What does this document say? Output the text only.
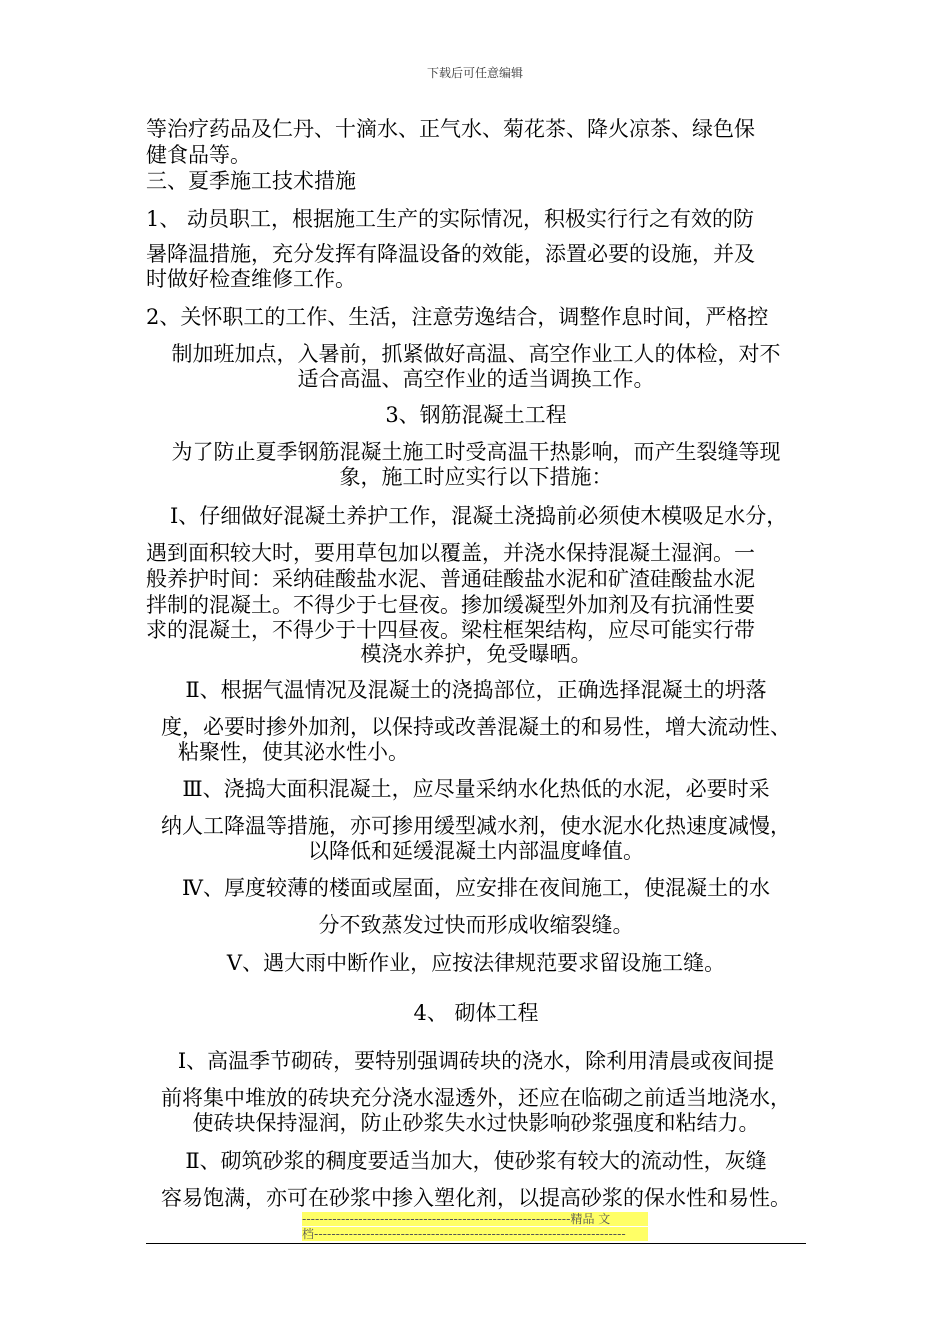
下载后可任意编辑
等治疗药品及仁丹、十滴水、正气水、菊花茶、降火凉茶、绿色保
健食品等。
三、夏季施工技术措施
1、 动员职工，根据施工生产的实际情况，积极实行行之有效的防
暑降温措施，充分发挥有降温设备的效能，添置必要的设施，并及
时做好检查维修工作。
2、关怀职工的工作、生活，注意劳逸结合，调整作息时间，严格控
制加班加点，入暑前，抓紧做好高温、高空作业工人的体检，对不
适合高温、高空作业的适当调换工作。
3、钢筋混凝土工程
为了防止夏季钢筋混凝土施工时受高温干热影响，而产生裂缝等现
象，施工时应实行以下措施：
Ⅰ、仔细做好混凝土养护工作，混凝土浇捣前必须使木模吸足水分，
遇到面积较大时，要用草包加以覆盖，并浇水保持混凝土湿润。一
般养护时间：采纳硅酸盐水泥、普通硅酸盐水泥和矿渣硅酸盐水泥
拌制的混凝土。不得少于七昼夜。掺加缓凝型外加剂及有抗涌性要
求的混凝土，不得少于十四昼夜。梁柱框架结构，应尽可能实行带
模浇水养护，免受曝晒。
Ⅱ、根据气温情况及混凝土的浇捣部位，正确选择混凝土的坍落
度，必要时掺外加剂，以保持或改善混凝土的和易性，增大流动性、
粘聚性，使其泌水性小。
Ⅲ、浇捣大面积混凝土，应尽量采纳水化热低的水泥，必要时采
纳人工降温等措施，亦可掺用缓型减水剂，使水泥水化热速度减慢，
以降低和延缓混凝土内部温度峰值。
Ⅳ、厚度较薄的楼面或屋面，应安排在夜间施工，使混凝土的水
分不致蒸发过快而形成收缩裂缝。
Ⅴ、遇大雨中断作业，应按法律规范要求留设施工缝。
4、 砌体工程
Ⅰ、高温季节砌砖，要特别强调砖块的浇水，除利用清晨或夜间提
前将集中堆放的砖块充分浇水湿透外，还应在临砌之前适当地浇水，
使砖块保持湿润，防止砂浆失水过快影响砂浆强度和粘结力。
Ⅱ、砌筑砂浆的稠度要适当加大，使砂浆有较大的流动性，灰缝
容易饱满，亦可在砂浆中掺入塑化剂，以提高砂浆的保水性和易性。
--------------------------------------------------------------精品 文
档------------------------------------------------------------------------
